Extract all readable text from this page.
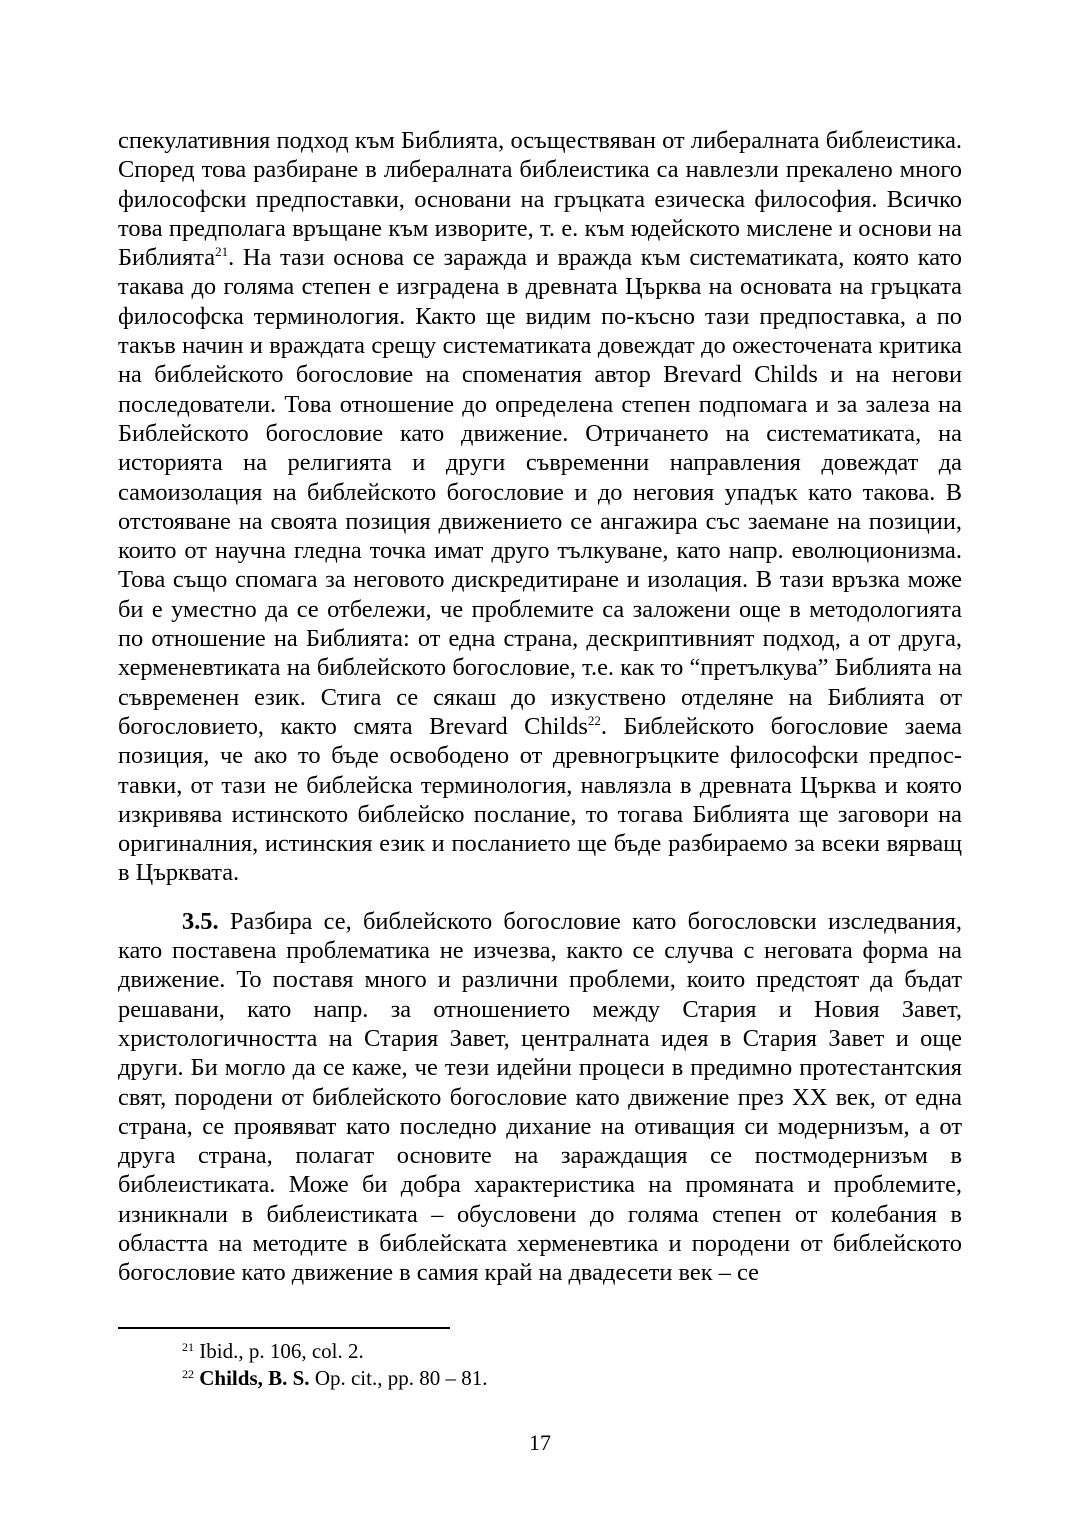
спекулативния подход към Библията, осъществяван от либералната библеистика. Според това разбиране в либералната библеистика са навлезли прекалено много философски предпоставки, основани на гръцката езическа философия. Всичко това предполага връщане към изворите, т. е. към юдейското мислене и основи на Библията$^{21}$. На тази основа се заражда и вражда към систематиката, която като такава до голяма степен е изградена в древната Църква на основата на гръцката философска терминология. Както ще видим по-късно тази предпоставка, а по такъв начин и враждата срещу систематиката довеждат до ожесточената критика на библейското богословие на споменатия автор Brevard Childs и на негови последователи. Това отношение до определена степен подпомага и за залеза на Библейското богословие като движение. Отричането на систематиката, на историята на религията и други съвременни направления довеждат да самоизолация на библейското богословие и до неговия упадък като такова. В отстояване на своята позиция движението се ангажира със заемане на позиции, които от научна гледна точка имат друго тълкуване, като напр. еволюционизма. Това също спомага за неговото дискредитиране и изолация. В тази връзка може би е уместно да се отбележи, че проблемите са заложени още в методологията по отношение на Библията: от една страна, дескриптивният подход, а от друга, херменевтиката на библейското богословие, т.е. как то “претълкува” Библията на съвременен език. Стига се сякаш до изкуствено отделяне на Библията от богословието, както смята Brevard Childs$^{22}$. Библейското богословие заема позиция, че ако то бъде освободено от древногръцките философски предпоставки, от тази не библейска терминология, навлязла в древната Църква и която изкривява истинското библейско послание, то тогава Библията ще заговори на оригиналния, истинския език и посланието ще бъде разбираемо за всеки вярващ в Църквата.

3.5. Разбира се, библейското богословие като богословски изследвания, като поставена проблематика не изчезва, както се случва с неговата форма на движение. То поставя много и различни проблеми, които предстоят да бъдат решавани, като напр. за отношението между Стария и Новия Завет, христологичността на Стария Завет, централната идея в Стария Завет и още други. Би могло да се каже, че тези идейни процеси в предимно протестантския свят, породени от библейското богословие като движение през ХХ век, от една страна, се проявяват като последно дихание на отиващия си модернизъм, а от друга страна, полагат основите на зараждащия се постмодернизъм в библеистиката. Може би добра характеристика на промяната и проблемите, изникнали в библеистиката – обусловени до голяма степен от колебания в областта на методите в библейската херменевтика и породени от библейското богословие като движение в самия край на двадесети век – се

$^{21}$ Ibid., p. 106, col. 2.

$^{22}$ Childs, B. S. Op. cit., pp. 80 – 81.

17
